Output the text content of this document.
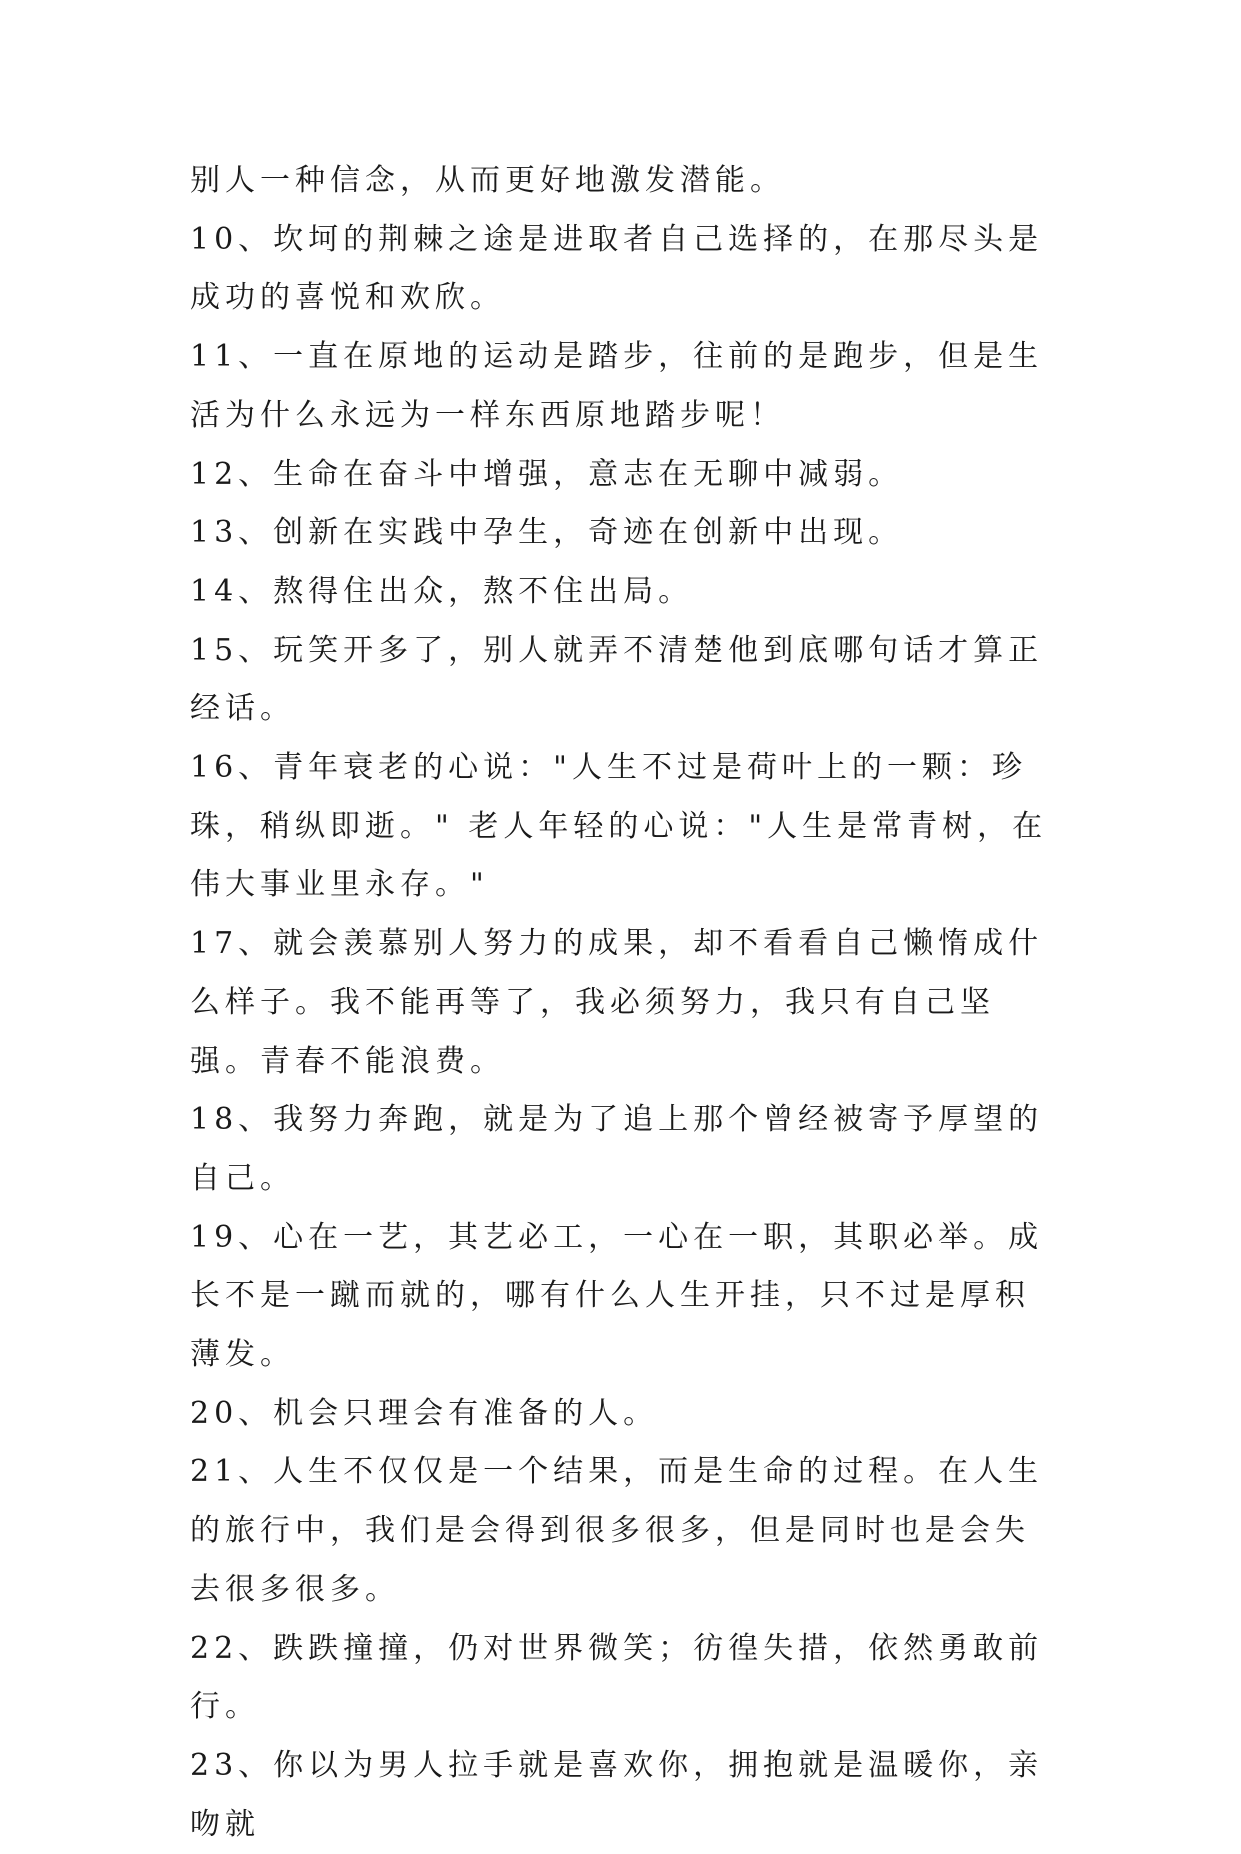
别人一种信念，从而更好地激发潜能。

10、坎坷的荆棘之途是进取者自己选择的，在那尽头是成功的喜悦和欢欣。

11、一直在原地的运动是踏步，往前的是跑步，但是生活为什么永远为一样东西原地踏步呢！

12、生命在奋斗中增强，意志在无聊中减弱。

13、创新在实践中孕生，奇迹在创新中出现。

14、熬得住出众，熬不住出局。

15、玩笑开多了，别人就弄不清楚他到底哪句话才算正经话。

16、青年衰老的心说："人生不过是荷叶上的一颗：珍珠，稍纵即逝。" 老人年轻的心说："人生是常青树，在伟大事业里永存。"

17、就会羡慕别人努力的成果，却不看看自己懒惰成什么样子。我不能再等了，我必须努力，我只有自己坚强。青春不能浪费。

18、我努力奔跑，就是为了追上那个曾经被寄予厚望的自己。

19、心在一艺，其艺必工，一心在一职，其职必举。成长不是一蹴而就的，哪有什么人生开挂，只不过是厚积薄发。

20、机会只理会有准备的人。

21、人生不仅仅是一个结果，而是生命的过程。在人生的旅行中，我们是会得到很多很多，但是同时也是会失去很多很多。

22、跌跌撞撞，仍对世界微笑；彷徨失措，依然勇敢前行。

23、你以为男人拉手就是喜欢你，拥抱就是温暖你，亲吻就
